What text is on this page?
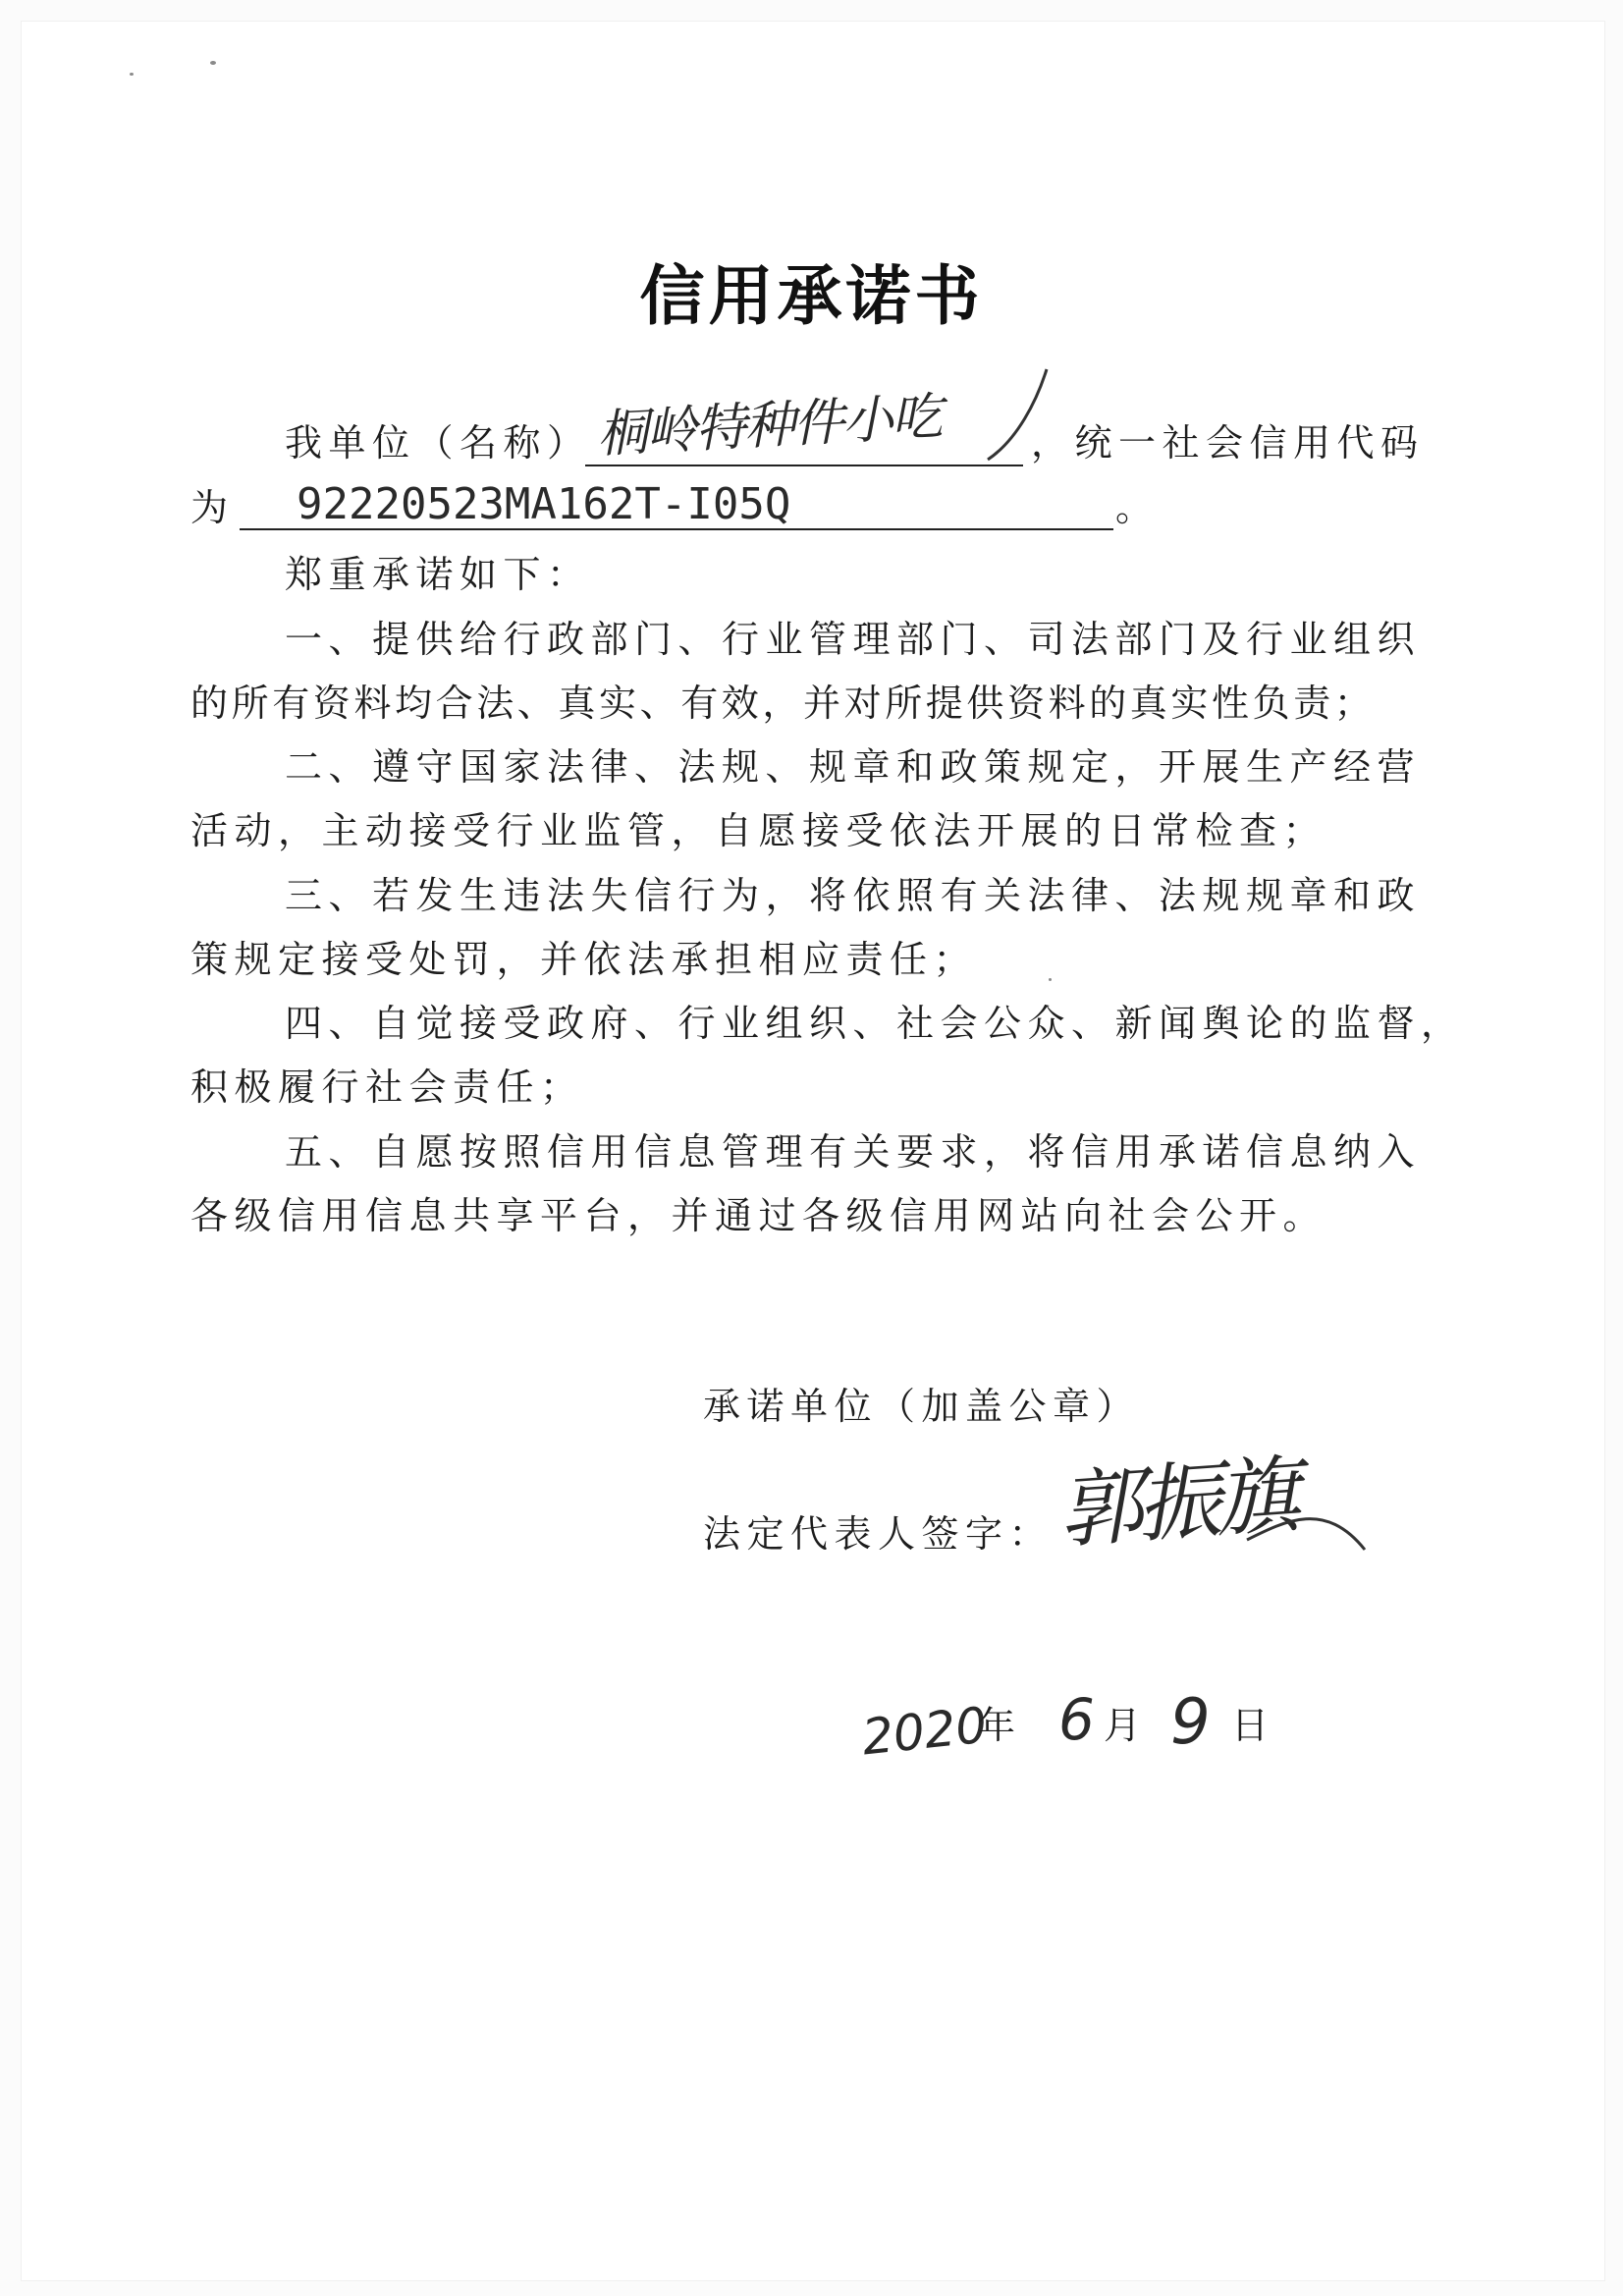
信用承诺书
我单位（名称） 桐岭特种件小吃 ，统一社会信用代码
为 92220523MA162T-I05Q	。
郑重承诺如下：
一、提供给行政部门、行业管理部门、司法部门及行业组织
的所有资料均合法、真实、有效，并对所提供资料的真实性负责；
二、遵守国家法律、法规、规章和政策规定，开展生产经营
活动，主动接受行业监管，自愿接受依法开展的日常检查；
三、若发生违法失信行为，将依照有关法律、法规规章和政
策规定接受处罚，并依法承担相应责任；
四、自觉接受政府、行业组织、社会公众、新闻舆论的监督，
积极履行社会责任；
五、自愿按照信用信息管理有关要求，将信用承诺信息纳入
各级信用信息共享平台，并通过各级信用网站向社会公开。
承诺单位（加盖公章）
法定代表人签字： 郭振旗
2020
年 6 月 9 日
